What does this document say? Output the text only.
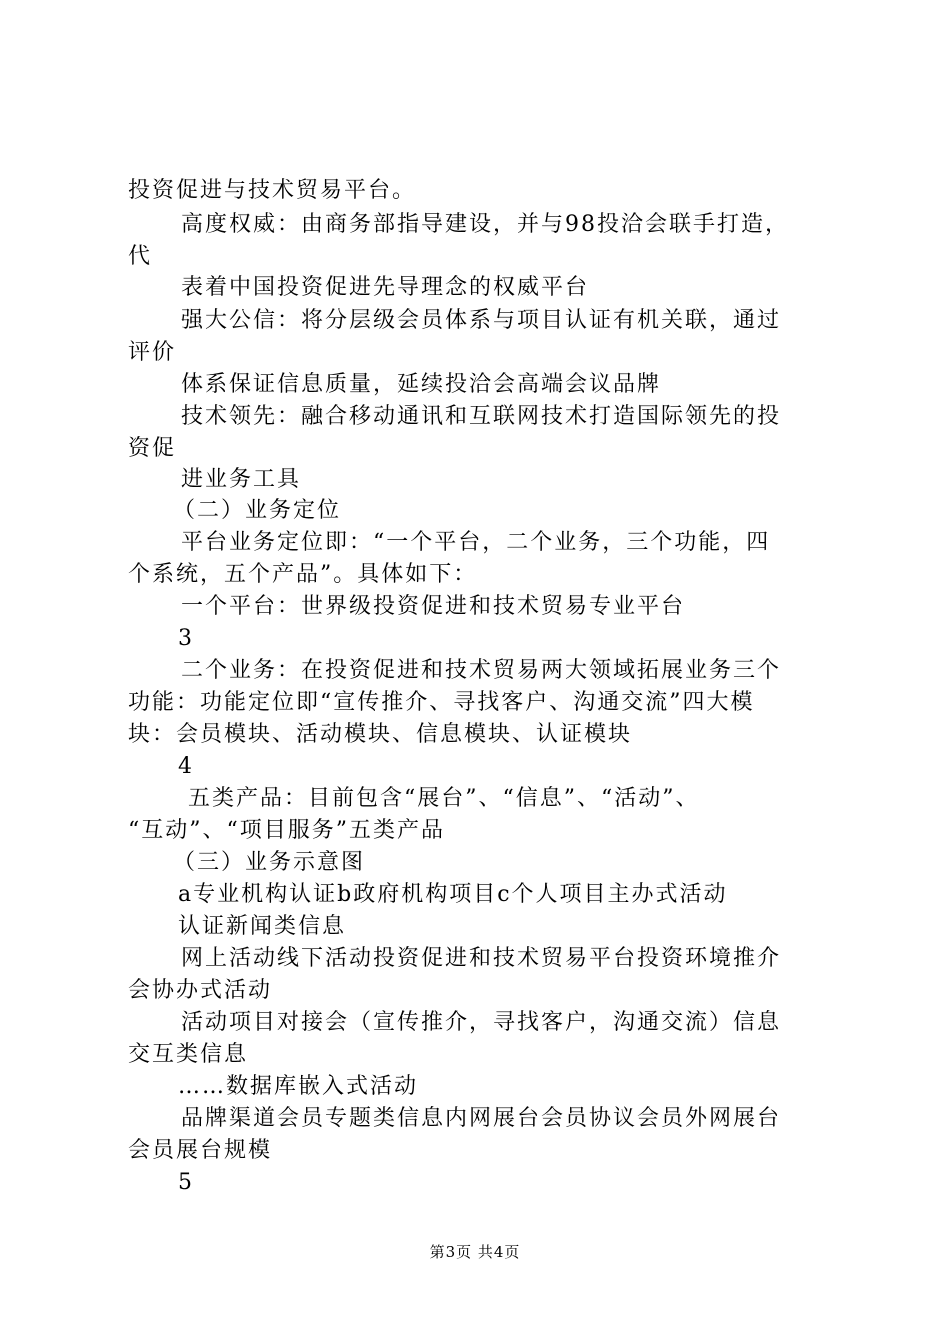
投资促进与技术贸易平台。
高度权威：由商务部指导建设，并与98投洽会联手打造，
代
表着中国投资促进先导理念的权威平台
强大公信：将分层级会员体系与项目认证有机关联，通过
评价
体系保证信息质量，延续投洽会高端会议品牌
技术领先：融合移动通讯和互联网技术打造国际领先的投
资促
进业务工具
（二）业务定位
平台业务定位即：“一个平台，二个业务，三个功能，四
个系统，五个产品”。具体如下：
一个平台：世界级投资促进和技术贸易专业平台
3
二个业务：在投资促进和技术贸易两大领域拓展业务三个
功能：功能定位即“宣传推介、寻找客户、沟通交流”四大模
块：会员模块、活动模块、信息模块、认证模块
4
五类产品：目前包含“展台”、“信息”、“活动”、
“互动”、“项目服务”五类产品
（三）业务示意图
a专业机构认证b政府机构项目c个人项目主办式活动
认证新闻类信息
网上活动线下活动投资促进和技术贸易平台投资环境推介
会协办式活动
活动项目对接会（宣传推介，寻找客户，沟通交流）信息
交互类信息
……数据库嵌入式活动
品牌渠道会员专题类信息内网展台会员协议会员外网展台
会员展台规模
5
第3页 共4页
